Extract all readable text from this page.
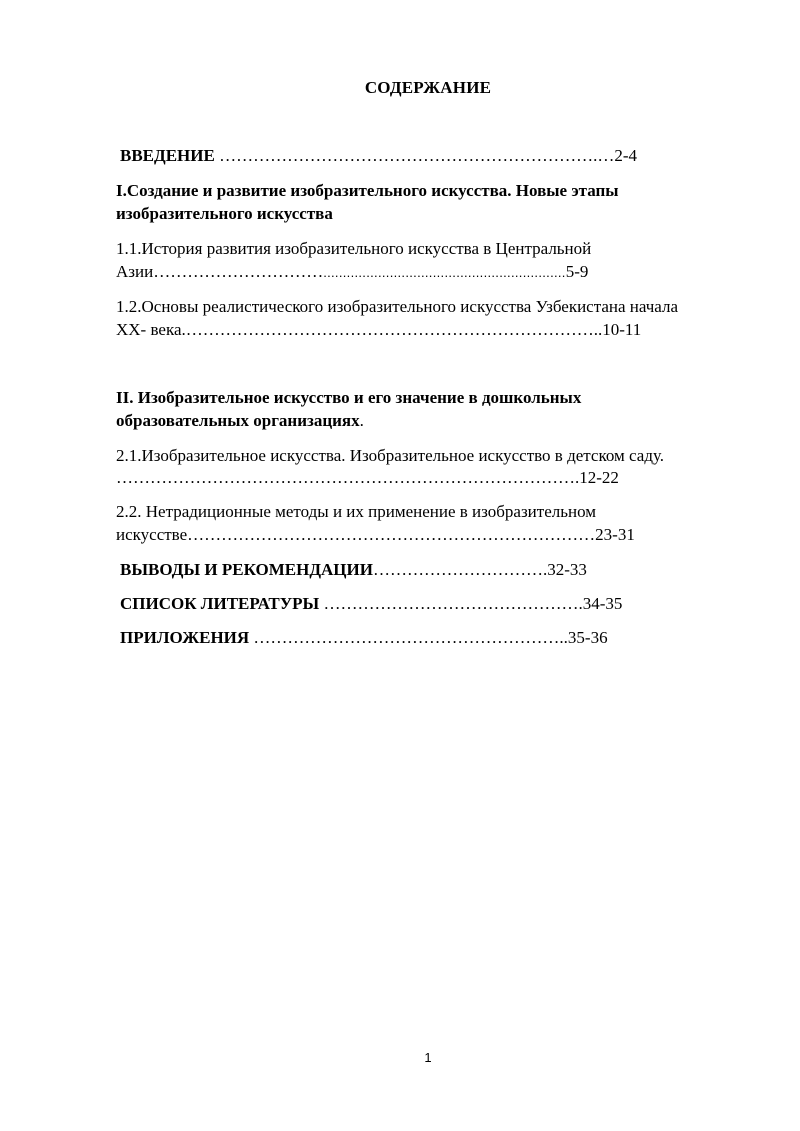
СОДЕРЖАНИЕ
ВВЕДЕНИЕ ………………………………………………………….…2-4
I.Создание и развитие изобразительного искусства. Новые этапы
изобразительного искусства
1.1.История развития изобразительного искусства в Центральной
Азии…………………………..............................................................5-9
1.2.Основы реалистического изобразительного искусства Узбекистана начала
XX- века.………………………………………………………………..10-11
II. Изобразительное искусство и его значение в дошкольных
образовательных организациях.
2.1.Изобразительное искусства. Изобразительное искусство в детском саду.
……………………………………………………………………….12-22
2.2. Нетрадиционные методы и их применение в изобразительном
искусстве………………………………………………………………23-31
ВЫВОДЫ И РЕКОМЕНДАЦИИ………………………….32-33
СПИСОК ЛИТЕРАТУРЫ ……………………………………….34-35
ПРИЛОЖЕНИЯ ………………………………………………..35-36
1
